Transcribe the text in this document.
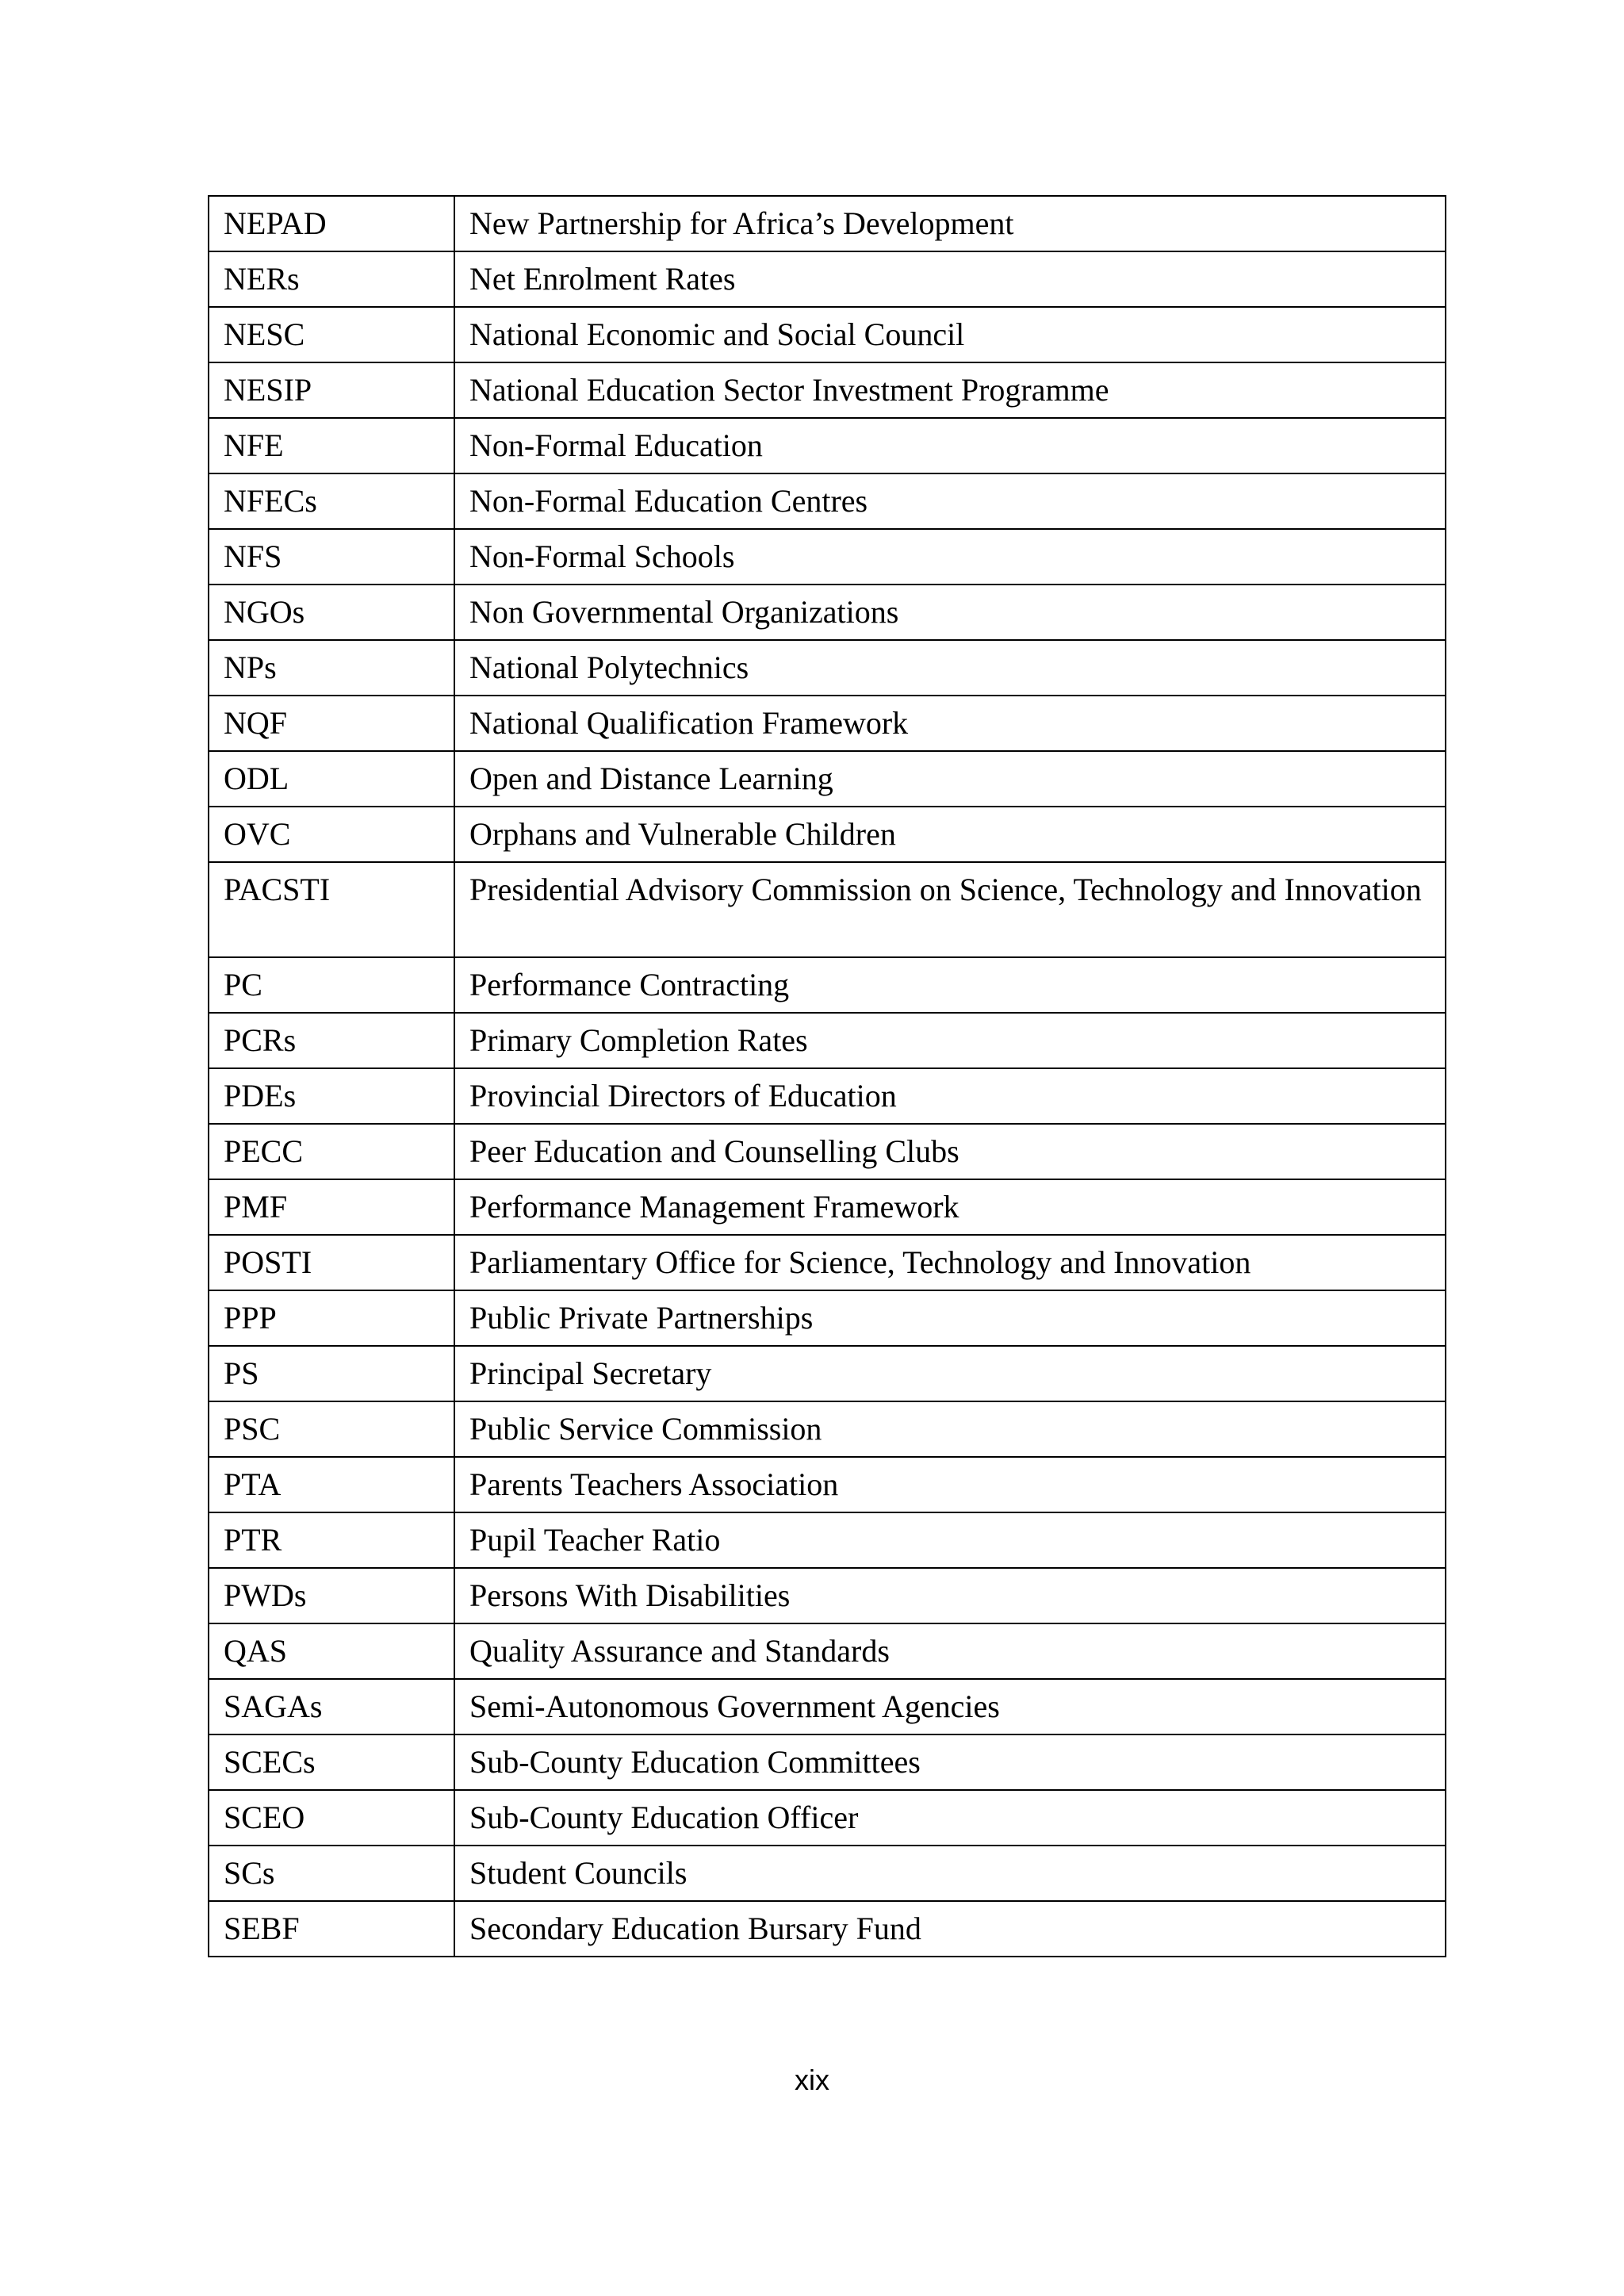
NEPAD	New Partnership for Africa’s Development
NERs	Net Enrolment Rates
NESC	National Economic and Social Council
NESIP	National Education Sector Investment Programme
NFE	Non-Formal Education
NFECs	Non-Formal Education Centres
NFS	Non-Formal Schools
NGOs	Non Governmental Organizations
NPs	National Polytechnics
NQF	National Qualification Framework
ODL	Open and Distance Learning
OVC	Orphans and Vulnerable Children
PACSTI	Presidential Advisory Commission on Science, Technology and Innovation
PC	Performance Contracting
PCRs	Primary Completion Rates
PDEs	Provincial Directors of Education
PECC	Peer Education and Counselling Clubs
PMF	Performance Management Framework
POSTI	Parliamentary Office for Science, Technology and Innovation
PPP	Public Private Partnerships
PS	Principal Secretary
PSC	Public Service Commission
PTA	Parents Teachers Association
PTR	Pupil Teacher Ratio
PWDs	Persons With Disabilities
QAS	Quality Assurance and Standards
SAGAs	Semi-Autonomous Government Agencies
SCECs	Sub-County Education Committees
SCEO	Sub-County Education Officer
SCs	Student Councils
SEBF	Secondary Education Bursary Fund
xix
